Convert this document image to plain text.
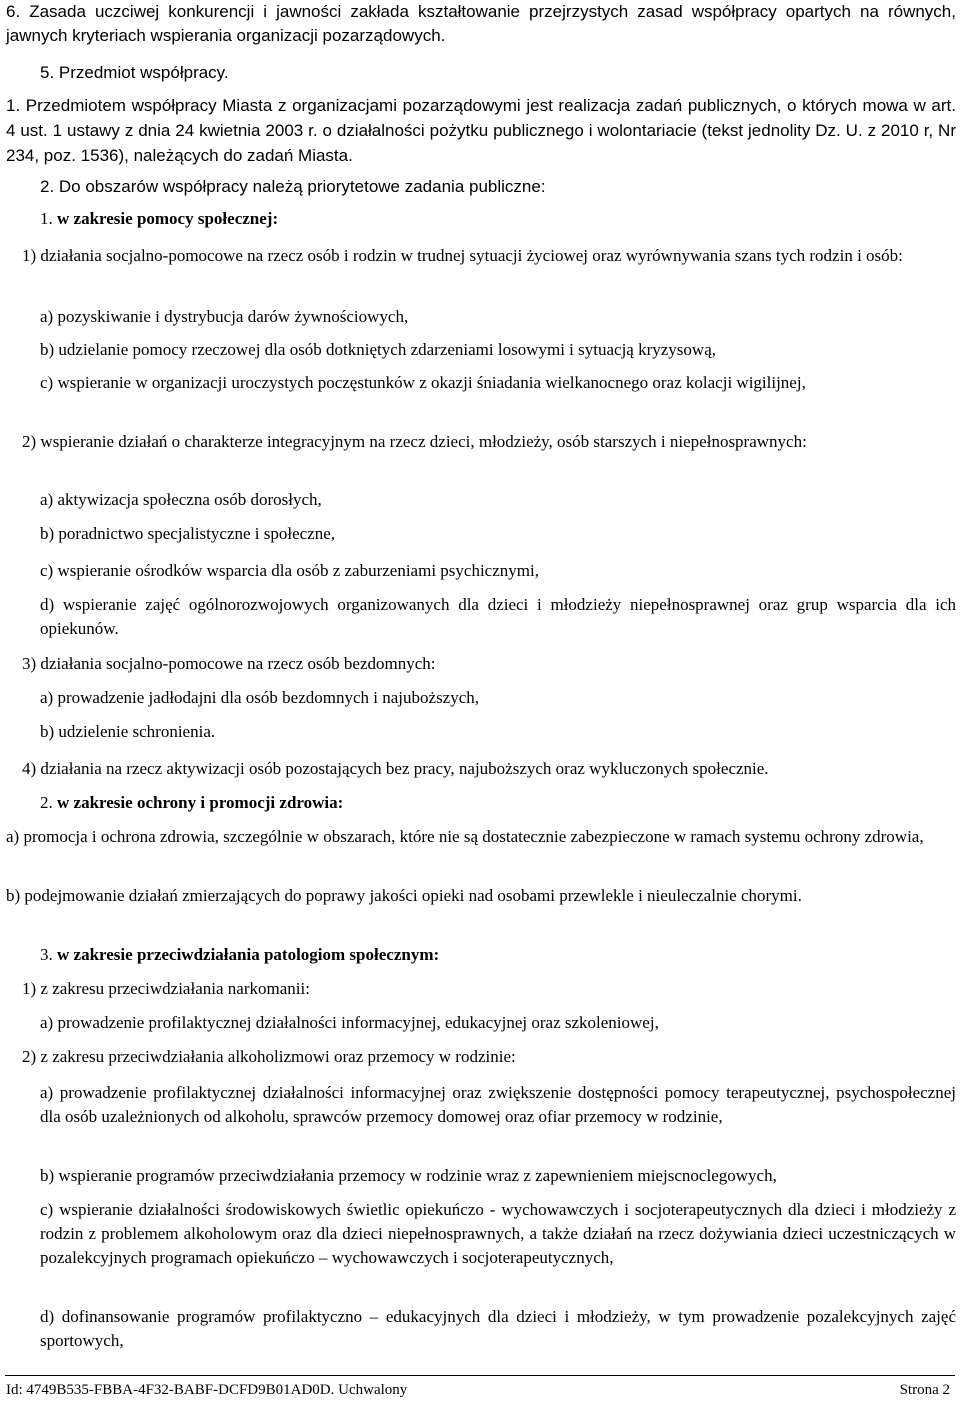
6. Zasada uczciwej konkurencji i jawności zakłada kształtowanie przejrzystych zasad współpracy opartych na równych, jawnych kryteriach wspierania organizacji pozarządowych.
5. Przedmiot współpracy.
1. Przedmiotem współpracy Miasta z organizacjami pozarządowymi jest realizacja zadań publicznych, o których mowa w art. 4 ust. 1 ustawy z dnia 24 kwietnia 2003 r. o działalności pożytku publicznego i wolontariacie (tekst jednolity Dz. U. z 2010 r, Nr 234, poz. 1536), należących do zadań Miasta.
2. Do obszarów współpracy należą priorytetowe zadania publiczne:
1. w zakresie pomocy społecznej:
1) działania socjalno-pomocowe na rzecz osób i rodzin w trudnej sytuacji życiowej oraz wyrównywania szans tych rodzin i osób:
a) pozyskiwanie i dystrybucja darów żywnościowych,
b) udzielanie pomocy rzeczowej dla osób dotkniętych zdarzeniami losowymi i sytuacją kryzysową,
c) wspieranie w organizacji uroczystych poczęstunków z okazji śniadania wielkanocnego oraz kolacji wigilijnej,
2) wspieranie działań o charakterze integracyjnym na rzecz dzieci, młodzieży, osób starszych i niepełnosprawnych:
a) aktywizacja społeczna osób dorosłych,
b) poradnictwo specjalistyczne i społeczne,
c) wspieranie ośrodków wsparcia dla osób z zaburzeniami psychicznymi,
d) wspieranie zajęć ogólnorozwojowych organizowanych dla dzieci i młodzieży niepełnosprawnej oraz grup wsparcia dla ich opiekunów.
3) działania socjalno-pomocowe na rzecz osób bezdomnych:
a) prowadzenie jadłodajni dla osób bezdomnych i najuboższych,
b) udzielenie schronienia.
4) działania na rzecz aktywizacji osób pozostających bez pracy, najuboższych oraz wykluczonych społecznie.
2. w zakresie ochrony i promocji zdrowia:
a) promocja i ochrona zdrowia, szczególnie w obszarach, które nie są dostatecznie zabezpieczone w ramach systemu ochrony zdrowia,
b) podejmowanie działań zmierzających do poprawy jakości opieki nad osobami przewlekle i nieuleczalnie chorymi.
3. w zakresie przeciwdziałania patologiom społecznym:
1) z zakresu przeciwdziałania narkomanii:
a) prowadzenie profilaktycznej działalności informacyjnej, edukacyjnej oraz szkoleniowej,
2) z zakresu przeciwdziałania alkoholizmowi oraz przemocy w rodzinie:
a) prowadzenie profilaktycznej działalności informacyjnej oraz zwiększenie dostępności pomocy terapeutycznej, psychospołecznej dla osób uzależnionych od alkoholu, sprawców przemocy domowej oraz ofiar przemocy w rodzinie,
b) wspieranie programów przeciwdziałania przemocy w rodzinie wraz z zapewnieniem miejscnoclegowych,
c) wspieranie działalności środowiskowych świetlic opiekuńczo - wychowawczych i socjoterapeutycznych dla dzieci i młodzieży z rodzin z problemem alkoholowym oraz dla dzieci niepełnosprawnych, a także działań na rzecz dożywiania dzieci uczestniczących w pozalekcyjnych programach opiekuńczo – wychowawczych i socjoterapeutycznych,
d) dofinansowanie programów profilaktyczno – edukacyjnych dla dzieci i młodzieży, w tym prowadzenie pozalekcyjnych zajęć sportowych,
Id: 4749B535-FBBA-4F32-BABF-DCFD9B01AD0D. Uchwalony	Strona 2
